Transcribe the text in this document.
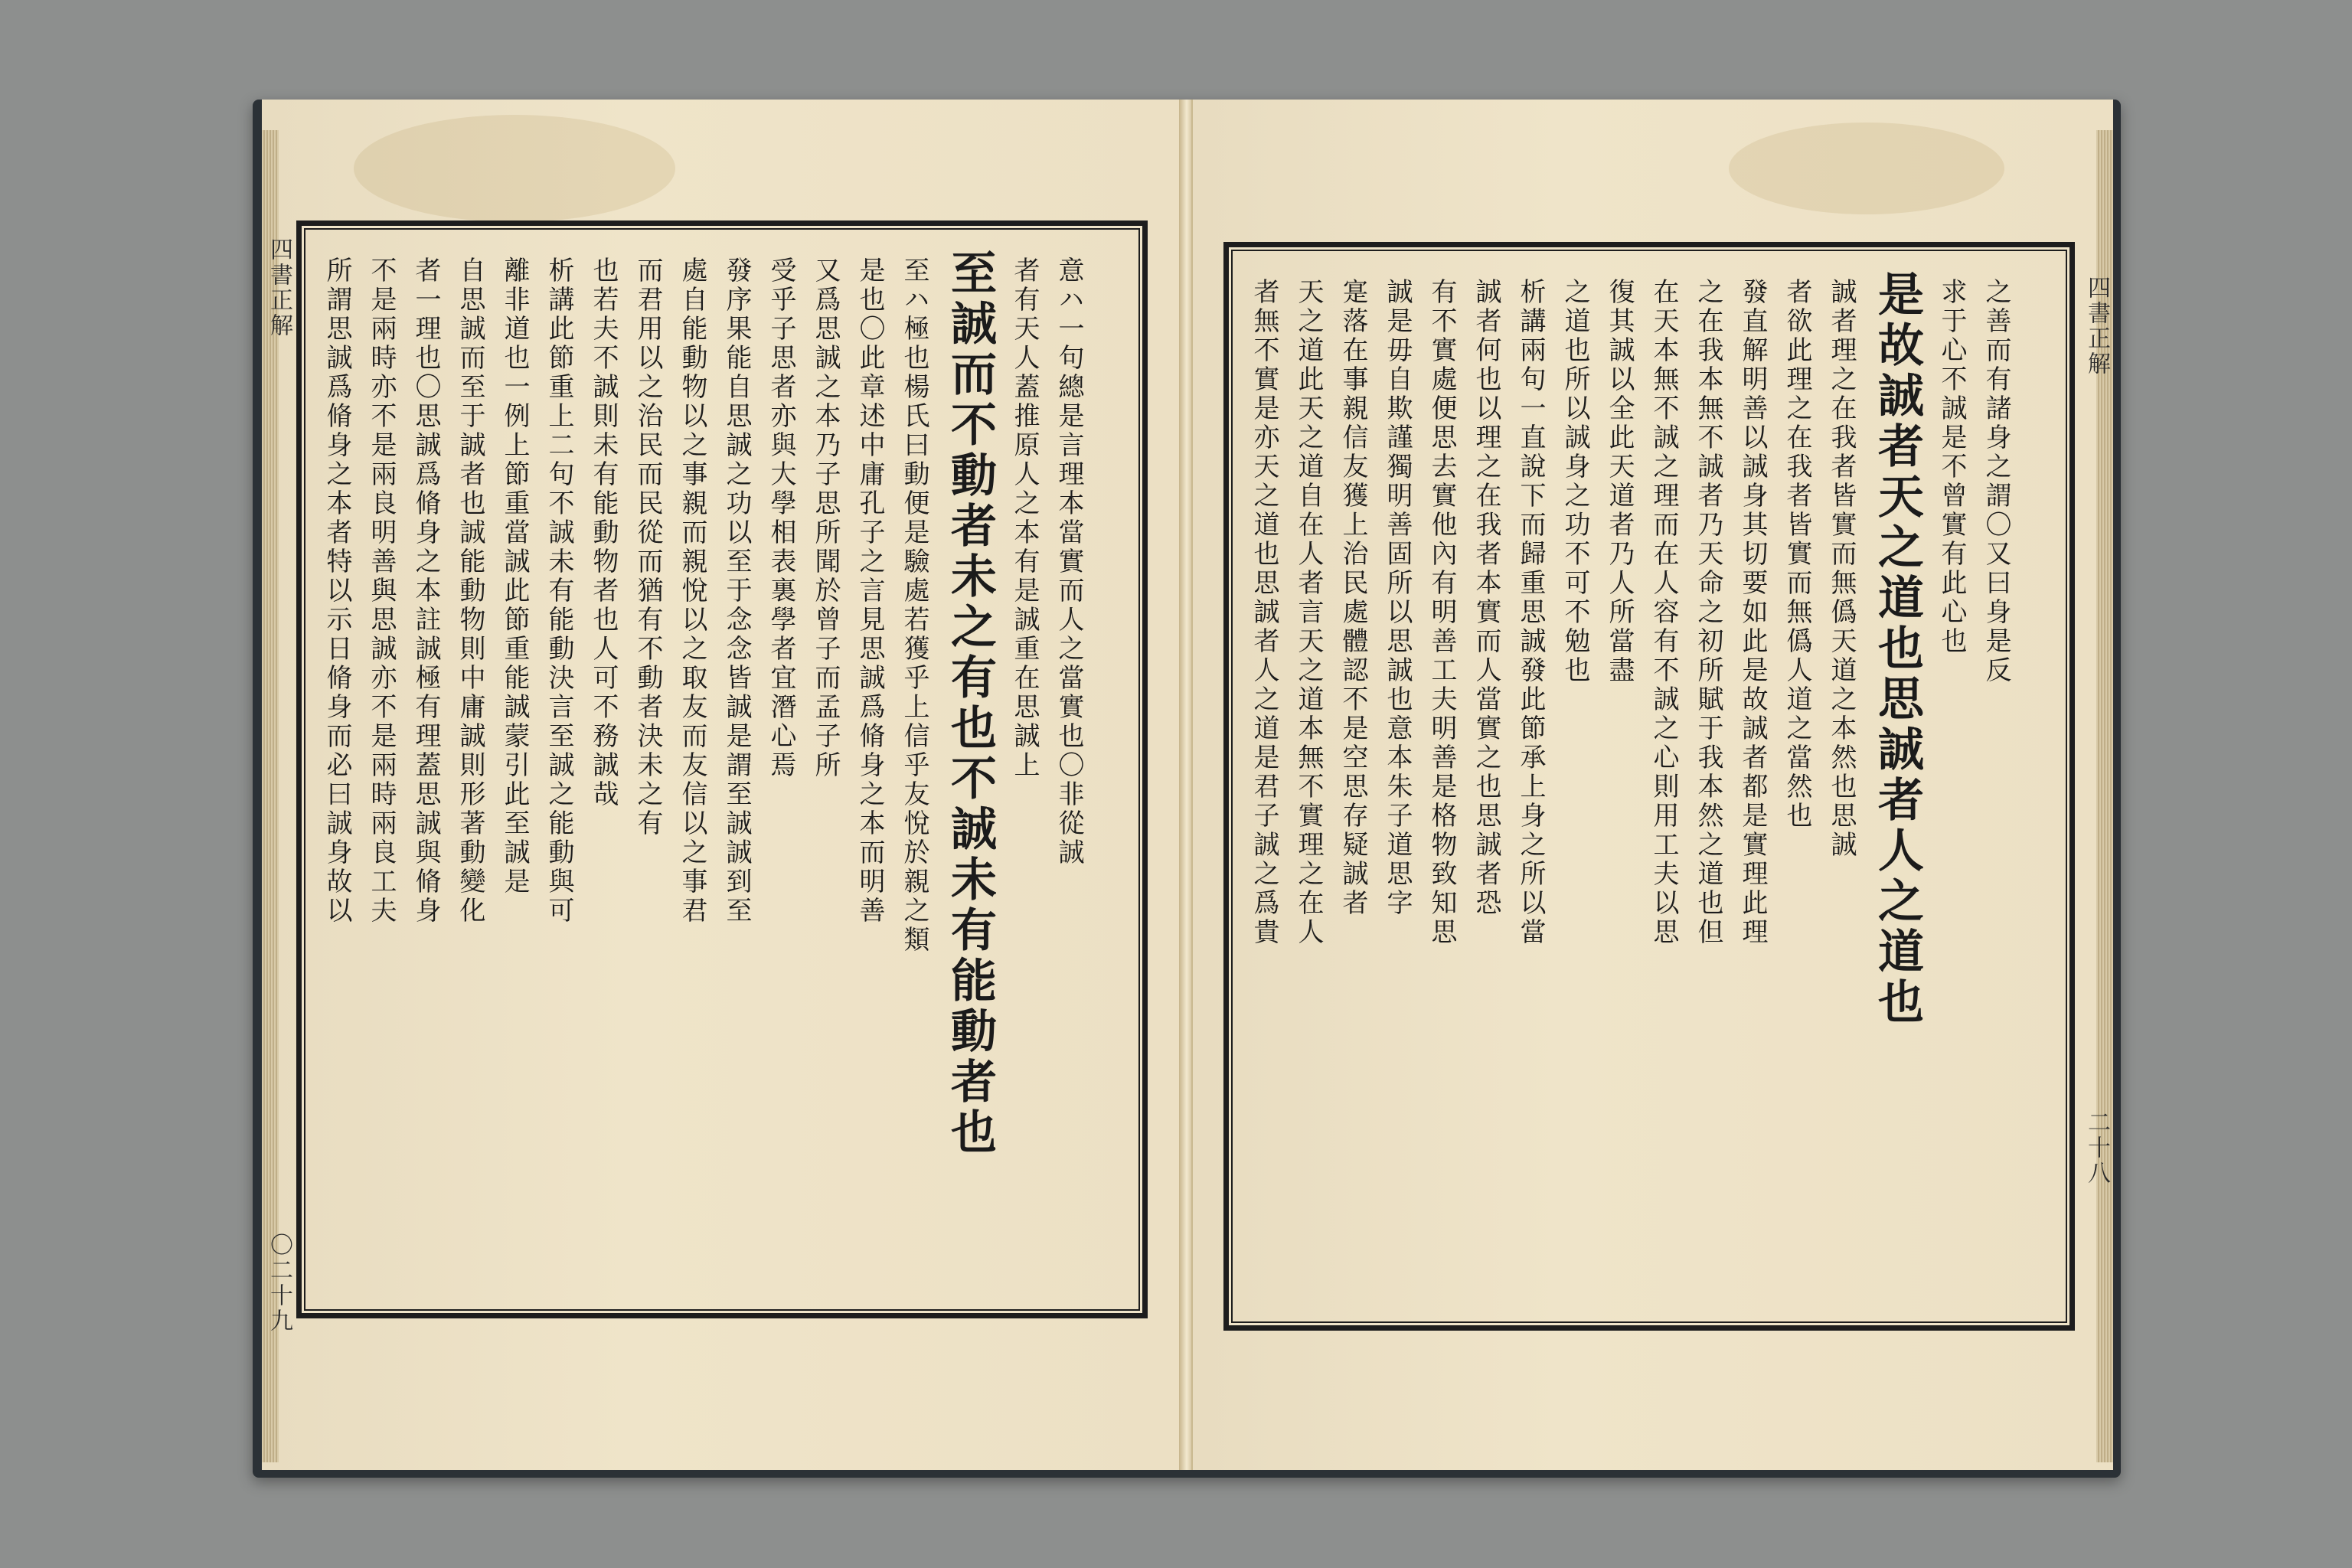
四書正解
〇二十九
意ハ一句總是言理本當實而人之當實也〇非從誠
者有天人蓋推原人之本有是誠重在思誠上
至誠而不動者未之有也不誠未有能動者也
至ハ極也楊氏曰動便是驗處若獲乎上信乎友悅於親之類
是也〇此章述中庸孔子之言見思誠爲脩身之本而明善
又爲思誠之本乃子思所聞於曾子而孟子所
受乎子思者亦與大學相表裏學者宜潛心焉
發序果能自思誠之功以至于念念皆誠是謂至誠誠到至
處自能動物以之事親而親悅以之取友而友信以之事君
而君用以之治民而民從而猶有不動者決未之有
也若夫不誠則未有能動物者也人可不務誠哉
析講此節重上二句不誠未有能動決言至誠之能動與可
離非道也一例上節重當誠此節重能誠蒙引此至誠是
自思誠而至于誠者也誠能動物則中庸誠則形著動變化
者一理也〇思誠爲脩身之本註誠極有理蓋思誠與脩身
不是兩時亦不是兩良明善與思誠亦不是兩時兩良工夫
所謂思誠爲脩身之本者特以示日脩身而必曰誠身故以	四書正解
二十八
之善而有諸身之謂〇又曰身是反
求于心不誠是不曾實有此心也
是故誠者天之道也思誠者人之道也
誠者理之在我者皆實而無僞天道之本然也思誠
者欲此理之在我者皆實而無僞人道之當然也
發直解明善以誠身其切要如此是故誠者都是實理此理
之在我本無不誠者乃天命之初所賦于我本然之道也但
在天本無不誠之理而在人容有不誠之心則用工夫以思
復其誠以全此天道者乃人所當盡
之道也所以誠身之功不可不勉也
析講兩句一直說下而歸重思誠發此節承上身之所以當
誠者何也以理之在我者本實而人當實之也思誠者恐
有不實處便思去實他內有明善工夫明善是格物致知思
誠是毋自欺謹獨明善固所以思誠也意本朱子道思字
寔落在事親信友獲上治民處體認不是空思存疑誠者
天之道此天之道自在人者言天之道本無不實理之在人
者無不實是亦天之道也思誠者人之道是君子誠之爲貴
